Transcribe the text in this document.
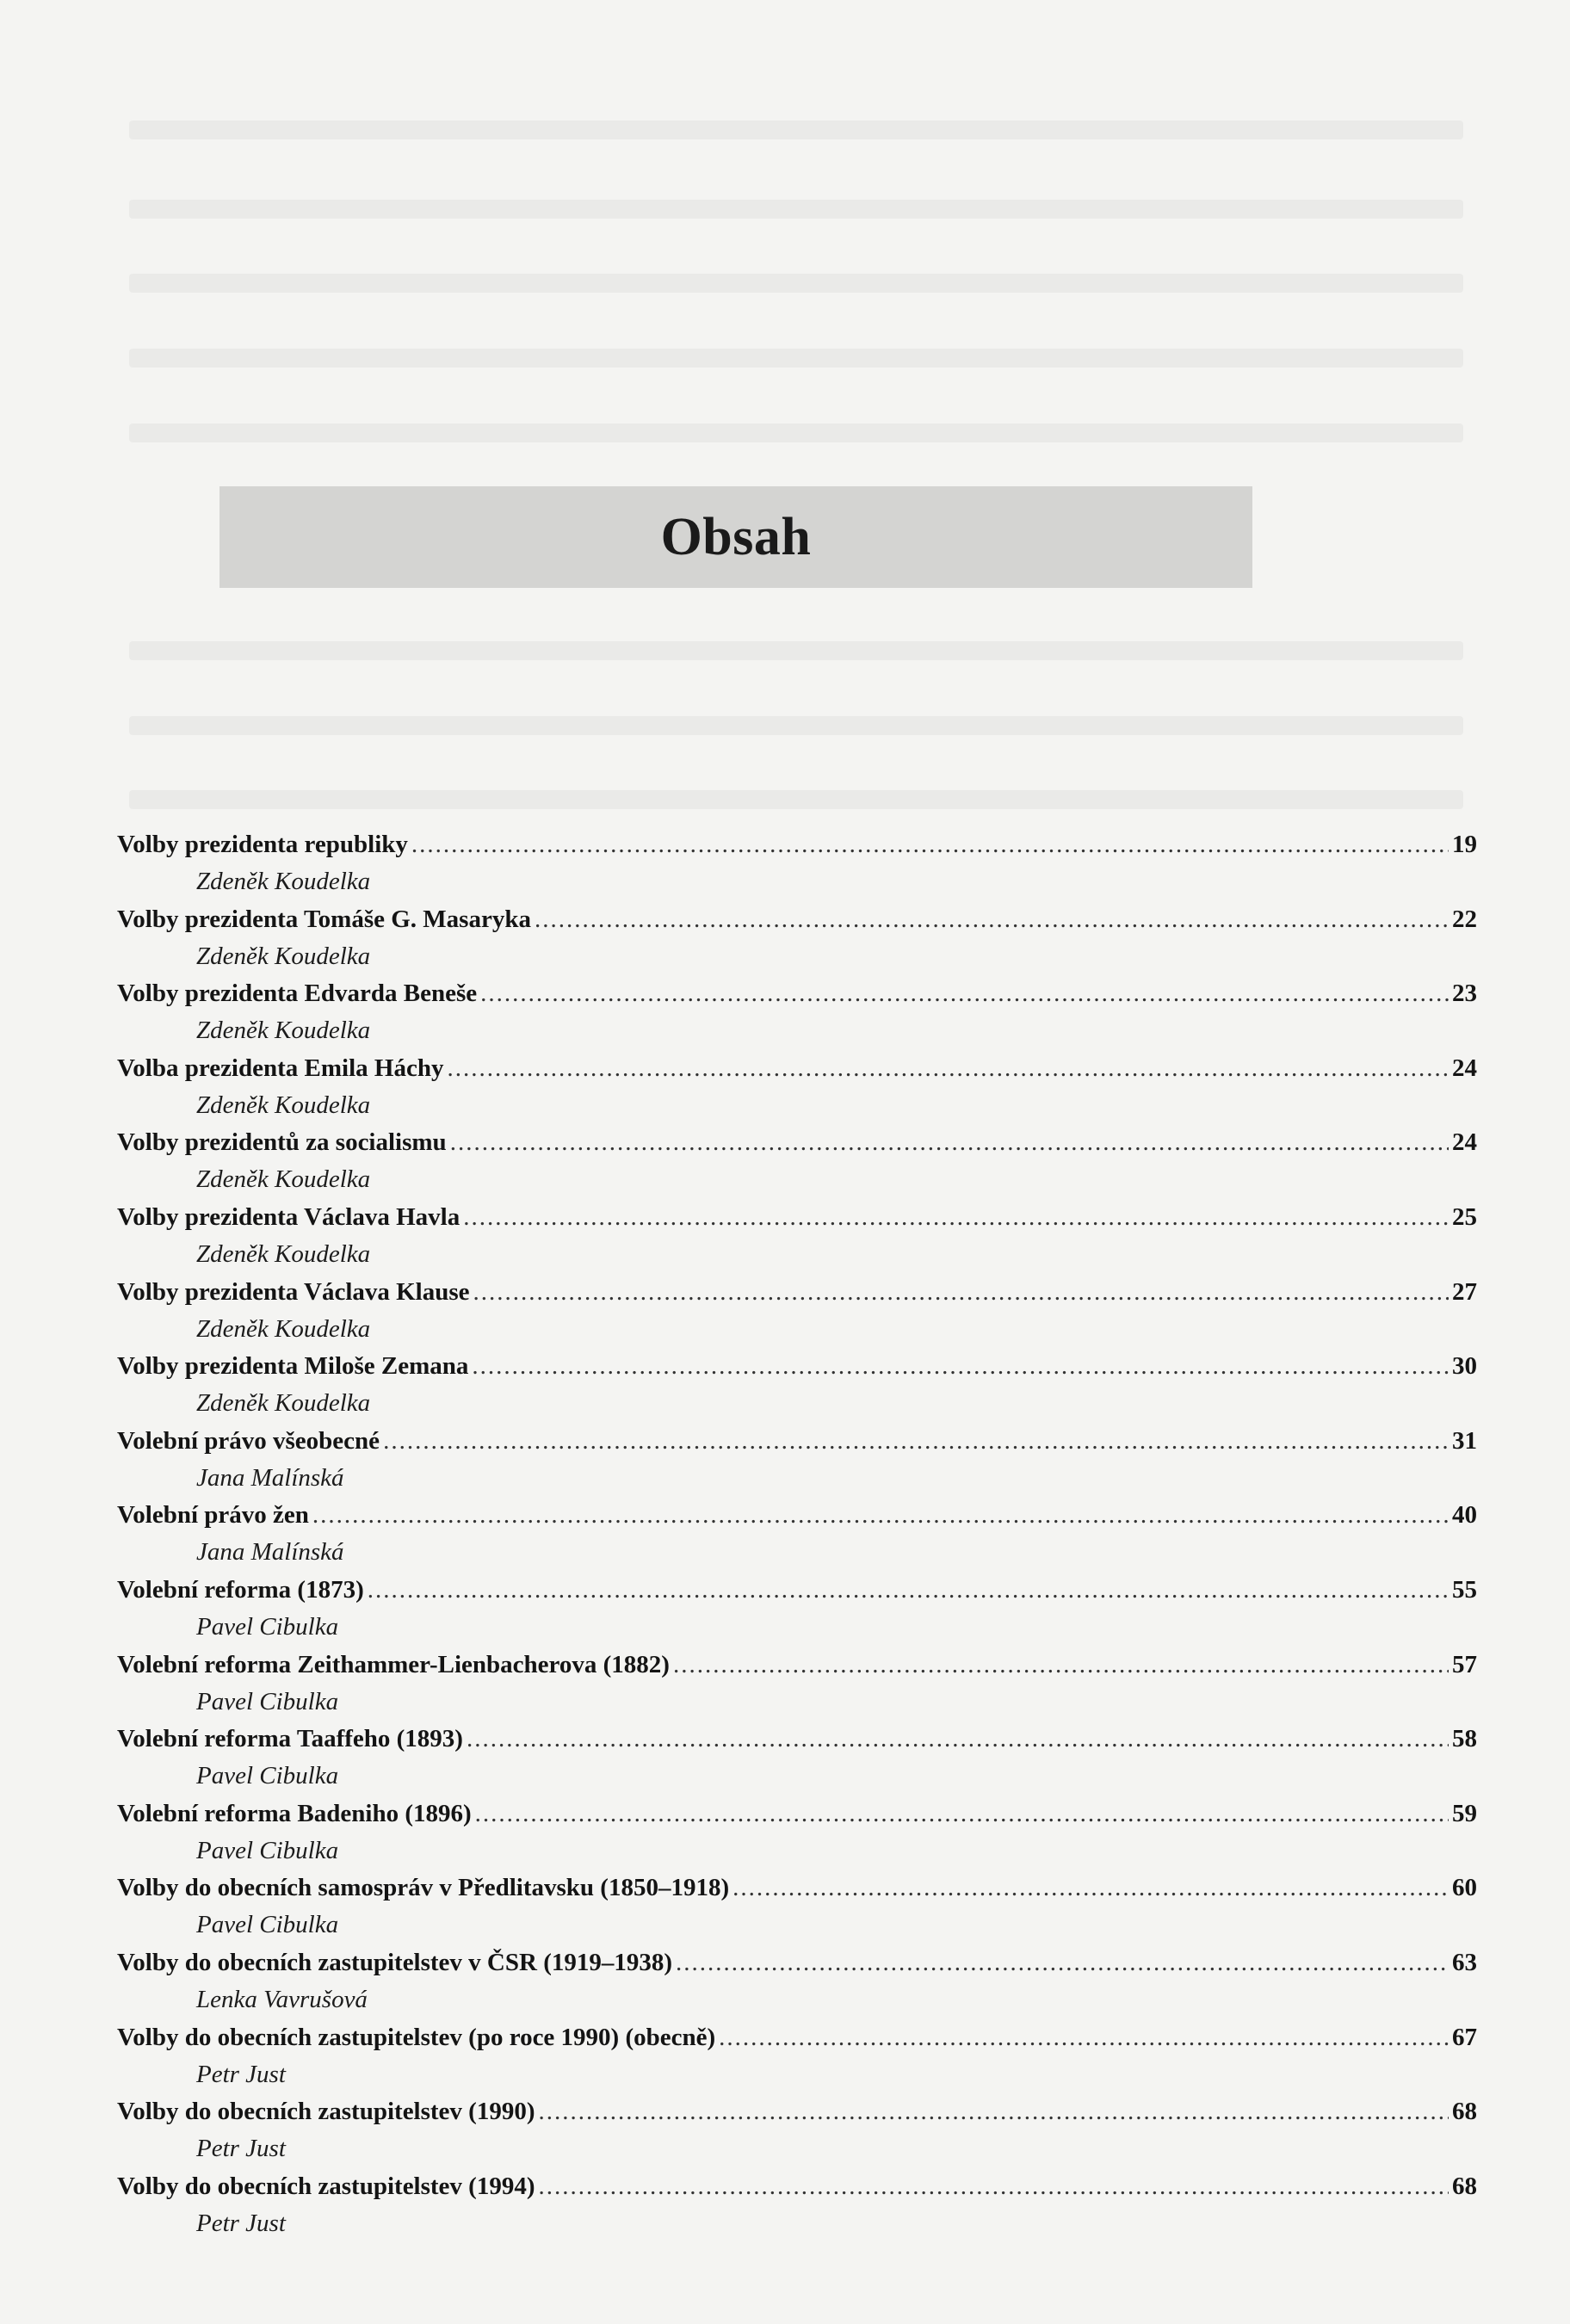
Obsah
Volby prezidenta republiky .....	19
Zdeněk Koudelka
Volby prezidenta Tomáše G. Masaryka .....	22
Zdeněk Koudelka
Volby prezidenta Edvarda Beneše .....	23
Zdeněk Koudelka
Volba prezidenta Emila Háchy .....	24
Zdeněk Koudelka
Volby prezidentů za socialismu .....	24
Zdeněk Koudelka
Volby prezidenta Václava Havla .....	25
Zdeněk Koudelka
Volby prezidenta Václava Klause .....	27
Zdeněk Koudelka
Volby prezidenta Miloše Zemana .....	30
Zdeněk Koudelka
Volební právo všeobecné .....	31
Jana Malínská
Volební právo žen .....	40
Jana Malínská
Volební reforma (1873) .....	55
Pavel Cibulka
Volební reforma Zeithammer-Lienbacherova (1882) .....	57
Pavel Cibulka
Volební reforma Taaffeho (1893) .....	58
Pavel Cibulka
Volební reforma Badeniho (1896) .....	59
Pavel Cibulka
Volby do obecních samospráv v Předlitavsku (1850–1918) .....	60
Pavel Cibulka
Volby do obecních zastupitelstev v ČSR (1919–1938) .....	63
Lenka Vavrušová
Volby do obecních zastupitelstev (po roce 1990) (obecně) .....	67
Petr Just
Volby do obecních zastupitelstev (1990) .....	68
Petr Just
Volby do obecních zastupitelstev (1994) .....	68
Petr Just
